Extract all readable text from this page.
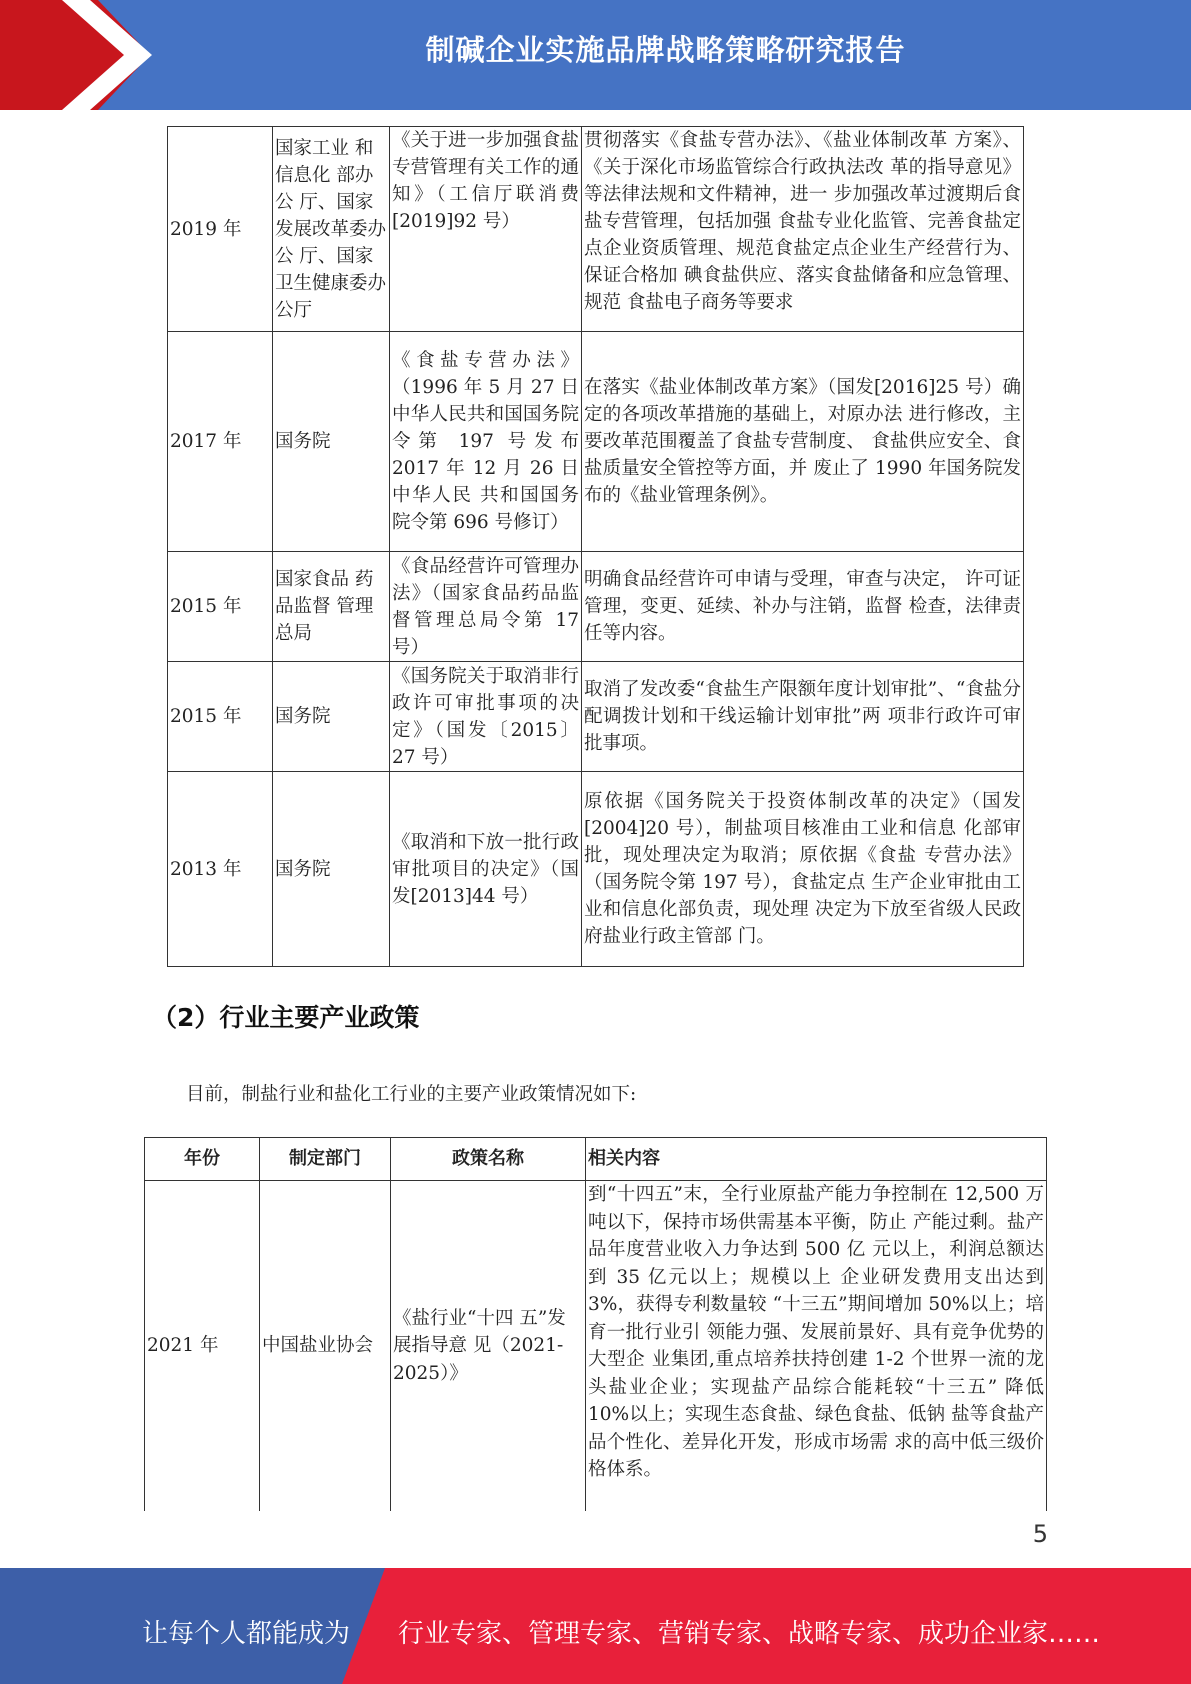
制碱企业实施品牌战略策略研究报告
2019 年	国家工业 和信息化 部办公 厅、国家发展改革委办公 厅、国家 卫生健康委办公厅	《关于进一步加强食盐专营管理有关工作的通知》（工信厅联消费[2019]92 号）	贯彻落实《食盐专营办法》、《盐业体制改革 方案》、《关于深化市场监管综合行政执法改 革的指导意见》等法律法规和文件精神，进一 步加强改革过渡期后食盐专营管理，包括加强 食盐专业化监管、完善食盐定点企业资质管理、规范食盐定点企业生产经营行为、保证合格加 碘食盐供应、落实食盐储备和应急管理、规范 食盐电子商务等要求
2017 年	国务院	《食盐专营办法》（1996 年 5 月 27 日中华人民共和国国务院令第 197 号发布 2017 年 12 月 26 日中华人民 共和国国务院令第 696 号修订）	在落实《盐业体制改革方案》（国发[2016]25 号）确定的各项改革措施的基础上，对原办法 进行修改，主要改革范围覆盖了食盐专营制度、 食盐供应安全、食盐质量安全管控等方面，并 废止了 1990 年国务院发布的《盐业管理条例》。
2015 年	国家食品 药品监督 管理总局	《食品经营许可管理办法》（国家食品药品监督管理总局令第 17 号）	明确食品经营许可申请与受理，审查与决定， 许可证管理，变更、延续、补办与注销，监督 检查，法律责任等内容。
2015 年	国务院	《国务院关于取消非行政许可审批事项的决定》（国发〔2015〕 27 号）	取消了发改委“食盐生产限额年度计划审批”、“食盐分配调拨计划和干线运输计划审批”两 项非行政许可审批事项。
2013 年	国务院	《取消和下放一批行政审批项目的决定》（国发[2013]44 号）	原依据《国务院关于投资体制改革的决定》（国发[2004]20 号），制盐项目核准由工业和信息 化部审批，现处理决定为取消；原依据《食盐 专营办法》（国务院令第 197 号），食盐定点 生产企业审批由工业和信息化部负责，现处理 决定为下放至省级人民政府盐业行政主管部 门。
（2）行业主要产业政策
目前，制盐行业和盐化工行业的主要产业政策情况如下:
年份	制定部门	政策名称	相关内容
2021 年	中国盐业协会	《盐行业“十四 五”发展指导意 见（2021-2025）》	到“十四五”末，全行业原盐产能力争控制在 12,500 万吨以下，保持市场供需基本平衡，防止 产能过剩。盐产品年度营业收入力争达到 500 亿 元以上，利润总额达到 35 亿元以上；规模以上 企业研发费用支出达到 3%，获得专利数量较 “十三五”期间增加 50%以上；培育一批行业引 领能力强、发展前景好、具有竞争优势的大型企 业集团,重点培养扶持创建 1-2 个世界一流的龙 头盐业企业；实现盐产品综合能耗较“十三五” 降低 10%以上；实现生态食盐、绿色食盐、低钠 盐等食盐产品个性化、差异化开发，形成市场需 求的高中低三级价格体系。
5
让每个人都能成为 行业专家、管理专家、营销专家、战略专家、成功企业家……
